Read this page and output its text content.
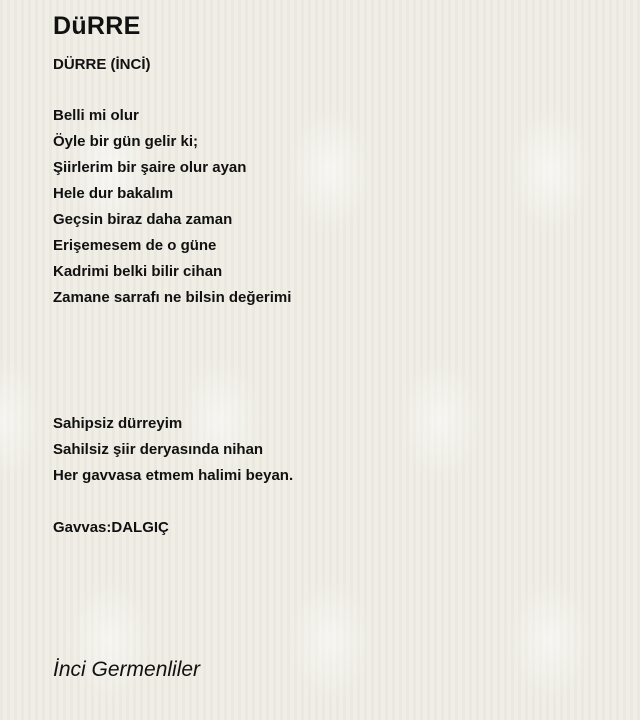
DüRRE
DÜRRE (İNCİ)
Belli mi olur
Öyle bir gün gelir ki;
Şiirlerim bir şaire olur ayan
Hele dur bakalım
Geçsin biraz daha zaman
Erişemesem de o güne
Kadrimi belki bilir cihan
Zamane sarrafı ne bilsin değerimi
Sahipsiz dürreyim
Sahilsiz şiir deryasında nihan
Her gavvasa etmem halimi beyan.
Gavvas:DALGIÇ
İnci Germenliler
